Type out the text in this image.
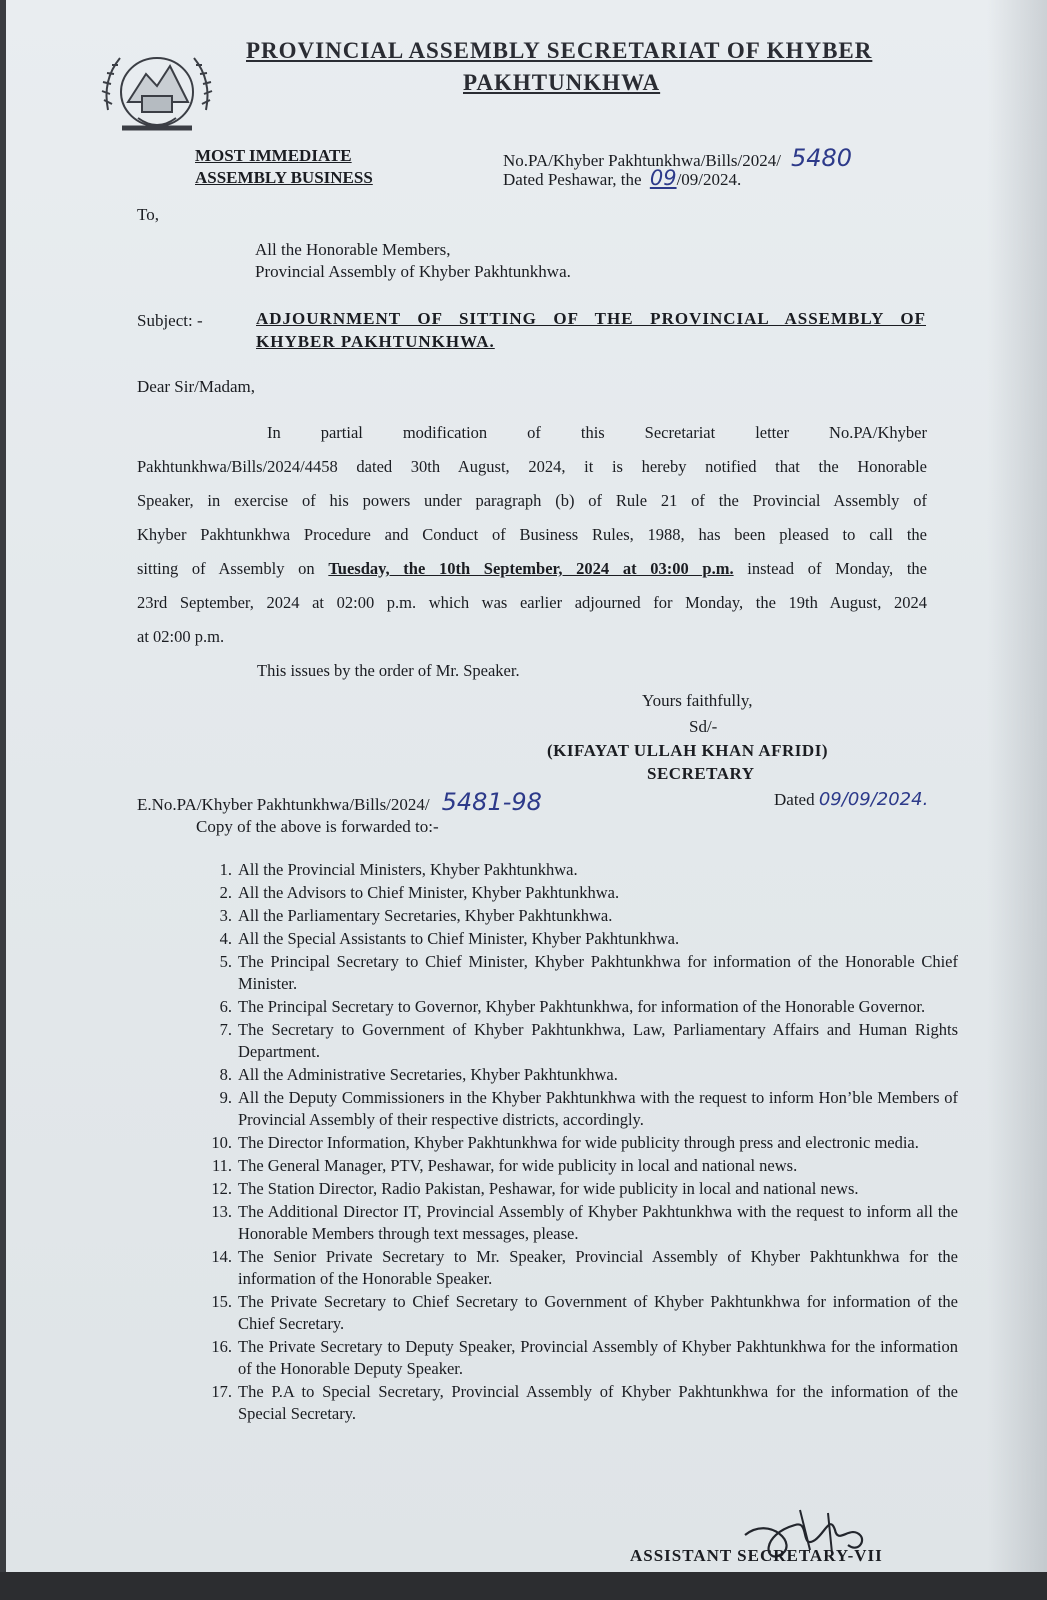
PROVINCIAL ASSEMBLY SECRETARIAT OF KHYBER
PAKHTUNKHWA
MOST IMMEDIATE
ASSEMBLY BUSINESS
No.PA/Khyber Pakhtunkhwa/Bills/2024/ 5480
Dated Peshawar, the 09/09/2024.
To,
All the Honorable Members,
Provincial Assembly of Khyber Pakhtunkhwa.
Subject: -	ADJOURNMENT OF SITTING OF THE PROVINCIAL ASSEMBLY OF
KHYBER PAKHTUNKHWA.
Dear Sir/Madam,
In partial modification of this Secretariat letter No.PA/Khyber
Pakhtunkhwa/Bills/2024/4458 dated 30th August, 2024, it is hereby notified that the Honorable
Speaker, in exercise of his powers under paragraph (b) of Rule 21 of the Provincial Assembly of
Khyber Pakhtunkhwa Procedure and Conduct of Business Rules, 1988, has been pleased to call the
sitting of Assembly on Tuesday, the 10th September, 2024 at 03:00 p.m. instead of Monday, the
23rd September, 2024 at 02:00 p.m. which was earlier adjourned for Monday, the 19th August, 2024
at 02:00 p.m.
This issues by the order of Mr. Speaker.
Yours faithfully,
Sd/-
(KIFAYAT ULLAH KHAN AFRIDI)
SECRETARY
E.No.PA/Khyber Pakhtunkhwa/Bills/2024/ 5481-98	Dated 09/09/2024.
Copy of the above is forwarded to:-
1. All the Provincial Ministers, Khyber Pakhtunkhwa.
2. All the Advisors to Chief Minister, Khyber Pakhtunkhwa.
3. All the Parliamentary Secretaries, Khyber Pakhtunkhwa.
4. All the Special Assistants to Chief Minister, Khyber Pakhtunkhwa.
5. The Principal Secretary to Chief Minister, Khyber Pakhtunkhwa for information of the Honorable Chief Minister.
6. The Principal Secretary to Governor, Khyber Pakhtunkhwa, for information of the Honorable Governor.
7. The Secretary to Government of Khyber Pakhtunkhwa, Law, Parliamentary Affairs and Human Rights Department.
8. All the Administrative Secretaries, Khyber Pakhtunkhwa.
9. All the Deputy Commissioners in the Khyber Pakhtunkhwa with the request to inform Hon’ble Members of Provincial Assembly of their respective districts, accordingly.
10. The Director Information, Khyber Pakhtunkhwa for wide publicity through press and electronic media.
11. The General Manager, PTV, Peshawar, for wide publicity in local and national news.
12. The Station Director, Radio Pakistan, Peshawar, for wide publicity in local and national news.
13. The Additional Director IT, Provincial Assembly of Khyber Pakhtunkhwa with the request to inform all the Honorable Members through text messages, please.
14. The Senior Private Secretary to Mr. Speaker, Provincial Assembly of Khyber Pakhtunkhwa for the information of the Honorable Speaker.
15. The Private Secretary to Chief Secretary to Government of Khyber Pakhtunkhwa for information of the Chief Secretary.
16. The Private Secretary to Deputy Speaker, Provincial Assembly of Khyber Pakhtunkhwa for the information of the Honorable Deputy Speaker.
17. The P.A to Special Secretary, Provincial Assembly of Khyber Pakhtunkhwa for the information of the Special Secretary.
ASSISTANT SECRETARY-VII
